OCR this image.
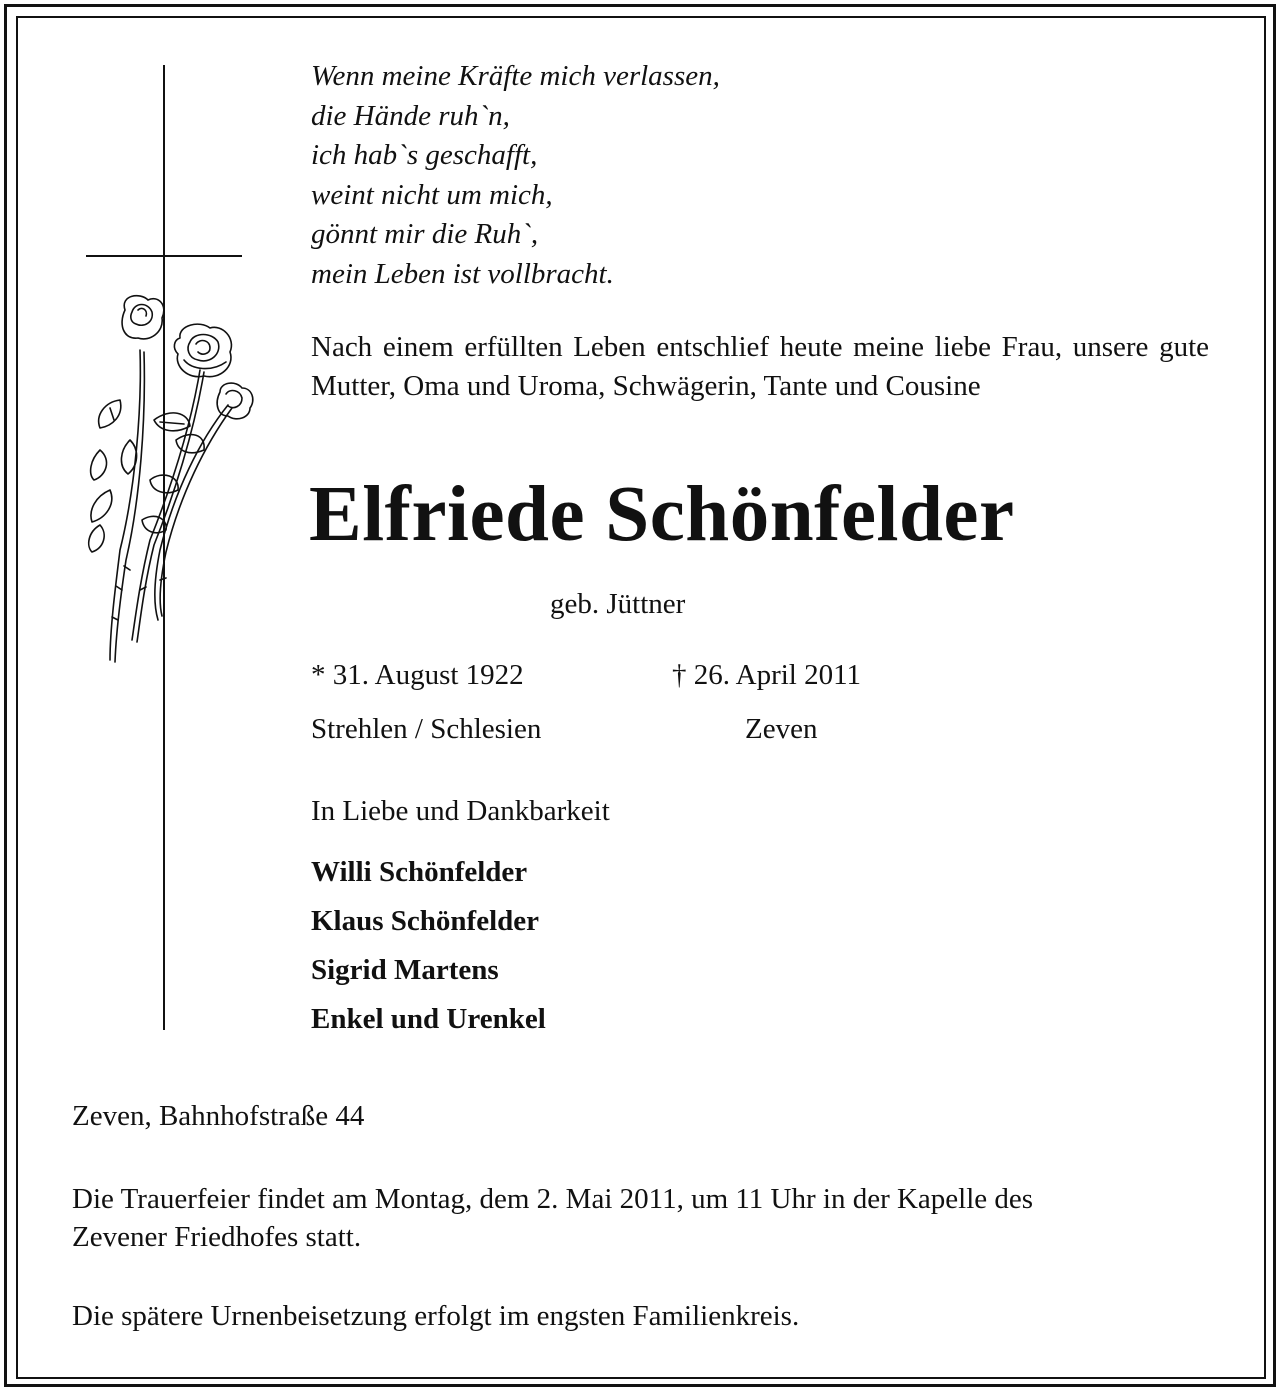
Wenn meine Kräfte mich verlassen,
die Hände ruh`n,
ich hab`s geschafft,
weint nicht um mich,
gönnt mir die Ruh`,
mein Leben ist vollbracht.
Nach einem erfüllten Leben entschlief heute meine liebe Frau, unsere gute Mutter, Oma und Uroma, Schwägerin, Tante und Cousine
Elfriede Schönfelder
geb. Jüttner
* 31. August 1922	† 26. April 2011
Strehlen / Schlesien	Zeven
In Liebe und Dankbarkeit
Willi Schönfelder
Klaus Schönfelder
Sigrid Martens
Enkel und Urenkel
Zeven, Bahnhofstraße 44
Die Trauerfeier findet am Montag, dem 2. Mai 2011, um 11 Uhr in der Kapelle des
Zevener Friedhofes statt.
Die spätere Urnenbeisetzung erfolgt im engsten Familienkreis.
